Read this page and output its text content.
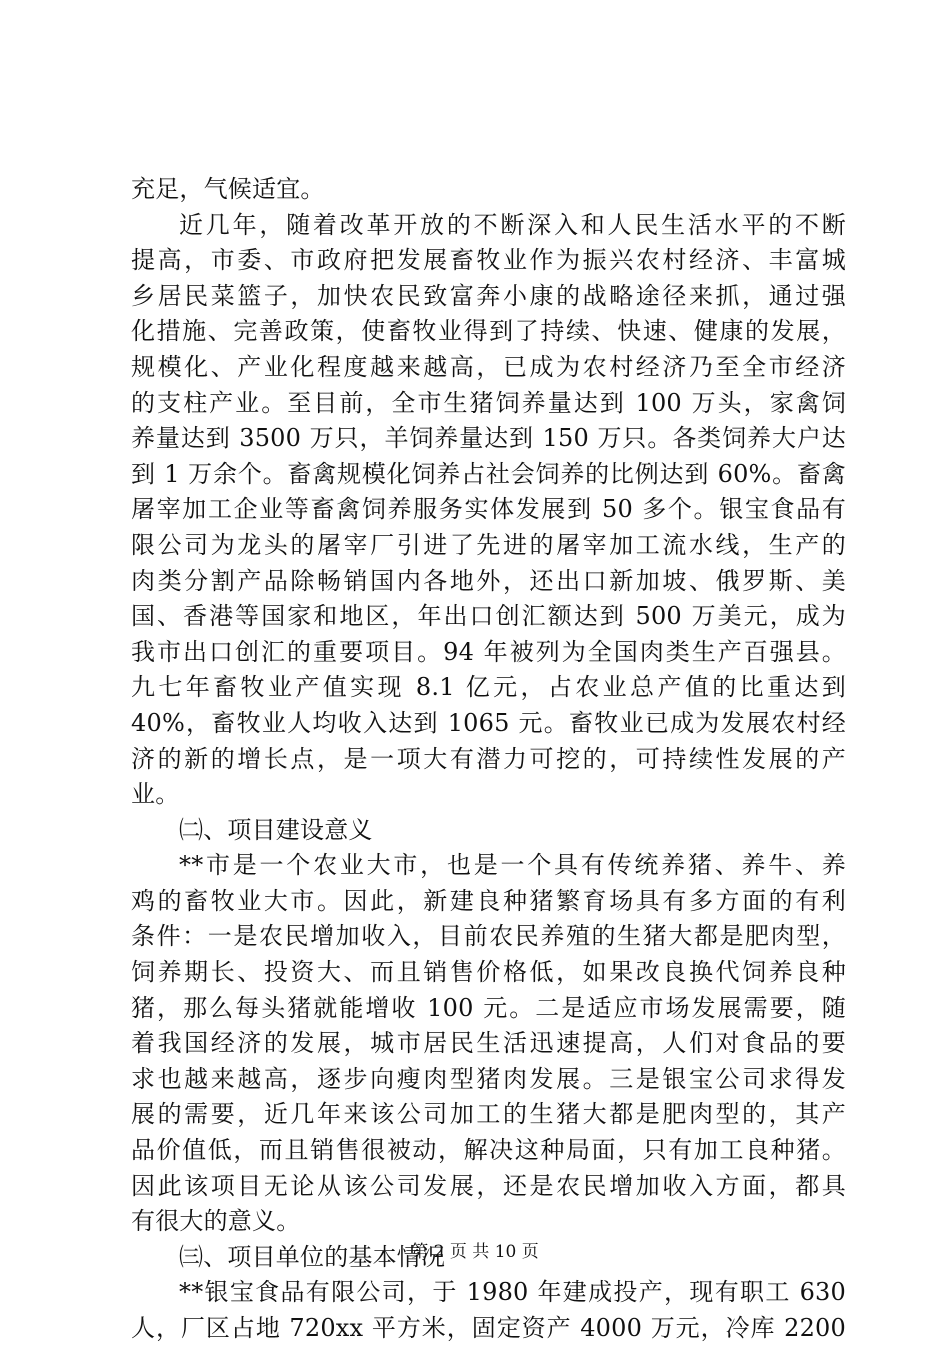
充足，气候适宜。
近几年，随着改革开放的不断深入和人民生活水平的不断
提高，市委、市政府把发展畜牧业作为振兴农村经济、丰富城
乡居民菜篮子，加快农民致富奔小康的战略途径来抓，通过强
化措施、完善政策，使畜牧业得到了持续、快速、健康的发展，
规模化、产业化程度越来越高，已成为农村经济乃至全市经济
的支柱产业。至目前，全市生猪饲养量达到 100 万头，家禽饲
养量达到 3500 万只，羊饲养量达到 150 万只。各类饲养大户达
到 1 万余个。畜禽规模化饲养占社会饲养的比例达到 60%。畜禽
屠宰加工企业等畜禽饲养服务实体发展到 50 多个。银宝食品有
限公司为龙头的屠宰厂引进了先进的屠宰加工流水线，生产的
肉类分割产品除畅销国内各地外，还出口新加坡、俄罗斯、美
国、香港等国家和地区，年出口创汇额达到 500 万美元，成为
我市出口创汇的重要项目。94 年被列为全国肉类生产百强县。
九七年畜牧业产值实现 8.1 亿元，占农业总产值的比重达到
40%，畜牧业人均收入达到 1065 元。畜牧业已成为发展农村经
济的新的增长点，是一项大有潜力可挖的，可持续性发展的产
业。
㈡、项目建设意义
**市是一个农业大市，也是一个具有传统养猪、养牛、养
鸡的畜牧业大市。因此，新建良种猪繁育场具有多方面的有利
条件：一是农民增加收入，目前农民养殖的生猪大都是肥肉型，
饲养期长、投资大、而且销售价格低，如果改良换代饲养良种
猪，那么每头猪就能增收 100 元。二是适应市场发展需要，随
着我国经济的发展，城市居民生活迅速提高，人们对食品的要
求也越来越高，逐步向瘦肉型猪肉发展。三是银宝公司求得发
展的需要，近几年来该公司加工的生猪大都是肥肉型的，其产
品价值低，而且销售很被动，解决这种局面，只有加工良种猪。
因此该项目无论从该公司发展，还是农民增加收入方面，都具
有很大的意义。
㈢、项目单位的基本情况
**银宝食品有限公司，于 1980 年建成投产，现有职工 630
人，厂区占地 720xx 平方米，固定资产 4000 万元，冷库 2200
第 2 页 共 10 页
